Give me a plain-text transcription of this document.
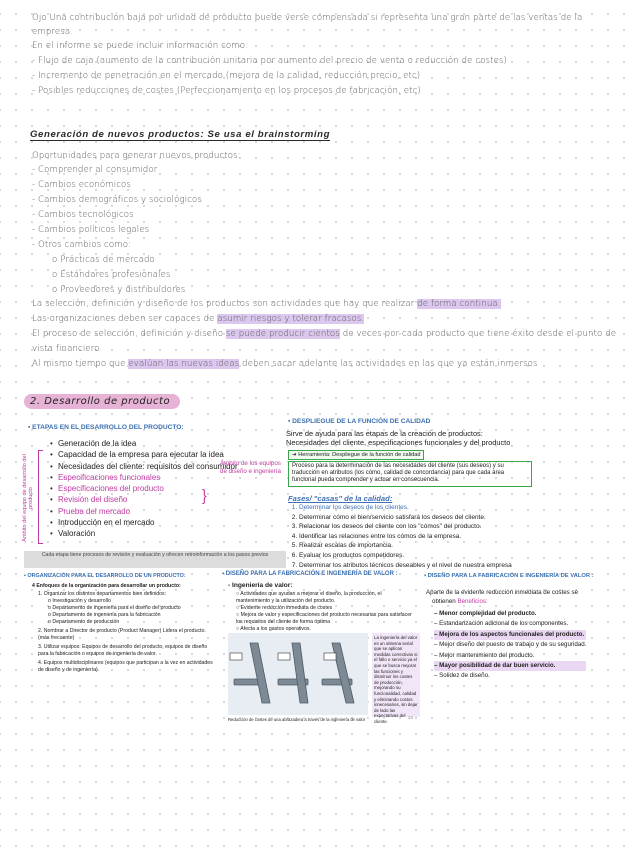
Ojo Una contribución baja por unidad de producto puede verse compensada si representa una gran parte de las ventas de la
empresa.
En el informe se puede incluir información como:
- Flujo de caja (aumento de la contribución unitaria por aumento del precio de venta o reducción de costes)
- Incremento de penetración en el mercado (mejora de la calidad, reducción precio, etc)
- Posibles reducciones de costes (Perfeccionamiento en los procesos de fabricación, etc)
Generación de nuevos productos: Se usa el brainstorming
Oportunidades para generar nuevos productos:
- Comprender al consumidor
- Cambios económicos
- Cambios demográficos y sociológicos
- Cambios tecnológicos
- Cambios políticos legales
- Otros cambios como:
o Prácticas de mercado
o Estándares profesionales
o Proveedores y distribuidores
La selección, definición y diseño de los productos son actividades que hay que realizar de forma continua.
Las organizaciones deben ser capaces de asumir riesgos y tolerar fracasos.
El proceso de selección, definición y diseño se puede producir cientos de veces por cada producto que tiene éxito desde el punto de
vista financiero.
Al mismo tiempo que evalúan las nuevas ideas deben sacar adelante las actividades en las que ya están inmersos
2. Desarrollo de producto
▪ ETAPAS EN EL DESARROLLO DEL PRODUCTO:
Ámbito del equipo de desarrollo del producto
• Generación de la idea
• Capacidad de la empresa para ejecutar la idea
• Necesidades del cliente: requisitos del consumidor
• Especificaciones funcionales
• Especificaciones del producto
• Revisión del diseño
• Prueba del mercado
• Introducción en el mercado
• Valoración
}
Ámbito de los equipos de diseño e ingeniería
Cada etapa tiene procesos de revisión y evaluación y ofrecen retroinformación a los pasos previos
▪ DESPLIEGUE DE LA FUNCIÓN DE CALIDAD
Sirve de ayuda para las etapas de la creación de productos:
Necesidades del cliente, especificaciones funcionales y del producto
➜ Herramienta: Despliegue de la función de calidad
Proceso para la determinación de las necesidades del cliente (sus deseos) y su traducción en atributos (los cómo, calidad de concordancia) para que cada área funcional pueda comprender y actuar en consecuencia.
Fases/ "casas" de la calidad:
1. Determinar los deseos de los clientes.
2. Determinar cómo el bien/servicio satisfará los deseos del cliente.
3. Relacionar los deseos del cliente con los "cómos" del producto.
4. Identificar las relaciones entre los cómos de la empresa.
5. Realizar escalas de importancia.
6. Evaluar los productos competidores.
7. Determinar los atributos técnicos deseables y el nivel de nuestra empresa
▪ ORGANIZACIÓN PARA EL DESARROLLO DE UN PRODUCTO:
4 Enfoques de la organización para desarrollar un producto:
1. Organizar los distintos departamentos bien definidos:
o Investigación y desarrollo
o Departamento de ingeniería para el diseño del producto
o Departamento de ingeniería para la fabricación
o Departamento de producción
2. Nombrar a Director de producto (Product Manager) Lidera el producto. (más frecuente)
3. Utilizar equipos: Equipos de desarrollo del producto, equipos de diseño para la fabricación o equipos de ingeniería de valor.
4. Equipos multidisciplinares (equipos que participan a la vez en actividades de diseño y de ingeniería).
▪ DISEÑO PARA LA FABRICACIÓN E INGENIERÍA DE VALOR :
- Ingeniería de valor:
○ Actividades que ayudan a mejorar el diseño, la producción, el mantenimiento y la utilización del producto.
○ Evidente reducción inmediata de costes
○ Mejora de valor y especificaciones del producto necesarias para satisfacer los requisitos del cliente de forma óptima
○ Afecta a los gastos operativos.
La ingeniería del valor es un sistema serial que se aplican medidas correctivas si el fallo o servicio ya el que se busca mejorar las funciones y disminuir los costes de producción, mejorando su funcionalidad, calidad y eliminando costos innecesarios, sin dejar de lado las expectativas del cliente.
Reducción de costes de una abrazadera a través de la ingeniería de valor	24
▪ DISEÑO PARA LA FABRICACIÓN E INGENIERÍA DE VALOR :
Aparte de la evidente reducción inmediata de costes se
obtienen Beneficios:
– Menor complejidad del producto.
– Estandarización adicional de los componentes.
– Mejora de los aspectos funcionales del producto.
– Mejor diseño del puesto de trabajo y de su seguridad.
– Mejor mantenimiento del producto.
– Mayor posibilidad de dar buen servicio.
– Solidez de diseño.
